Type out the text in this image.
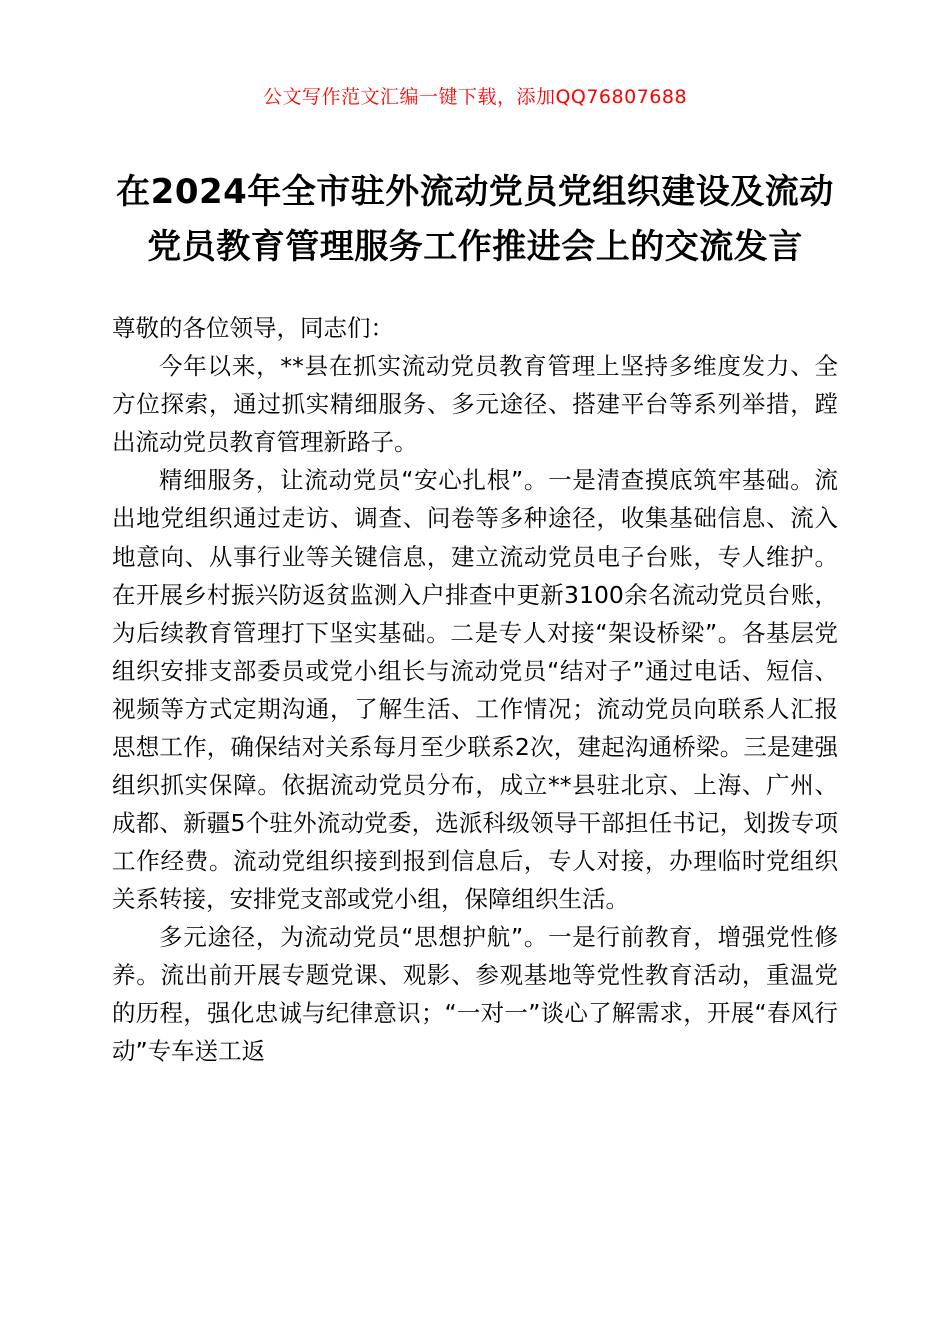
公文写作范文汇编一键下载，添加QQ76807688
在2024年全市驻外流动党员党组织建设及流动党员教育管理服务工作推进会上的交流发言

尊敬的各位领导，同志们：

今年以来，**县在抓实流动党员教育管理上坚持多维度发力、全方位探索，通过抓实精细服务、多元途径、搭建平台等系列举措，蹚出流动党员教育管理新路子。

精细服务，让流动党员“安心扎根”。一是清查摸底筑牢基础。流出地党组织通过走访、调查、问卷等多种途径，收集基础信息、流入地意向、从事行业等关键信息，建立流动党员电子台账，专人维护。在开展乡村振兴防返贫监测入户排查中更新3100余名流动党员台账，为后续教育管理打下坚实基础。二是专人对接“架设桥梁”。各基层党组织安排支部委员或党小组长与流动党员“结对子”通过电话、短信、视频等方式定期沟通，了解生活、工作情况；流动党员向联系人汇报思想工作，确保结对关系每月至少联系2次，建起沟通桥梁。三是建强组织抓实保障。依据流动党员分布，成立**县驻北京、上海、广州、成都、新疆5个驻外流动党委，选派科级领导干部担任书记，划拨专项工作经费。流动党组织接到报到信息后，专人对接，办理临时党组织关系转接，安排党支部或党小组，保障组织生活。

多元途径，为流动党员“思想护航”。一是行前教育，增强党性修养。流出前开展专题党课、观影、参观基地等党性教育活动，重温党的历程，强化忠诚与纪律意识；“一对一”谈心了解需求，开展“春风行动”专车送工返
